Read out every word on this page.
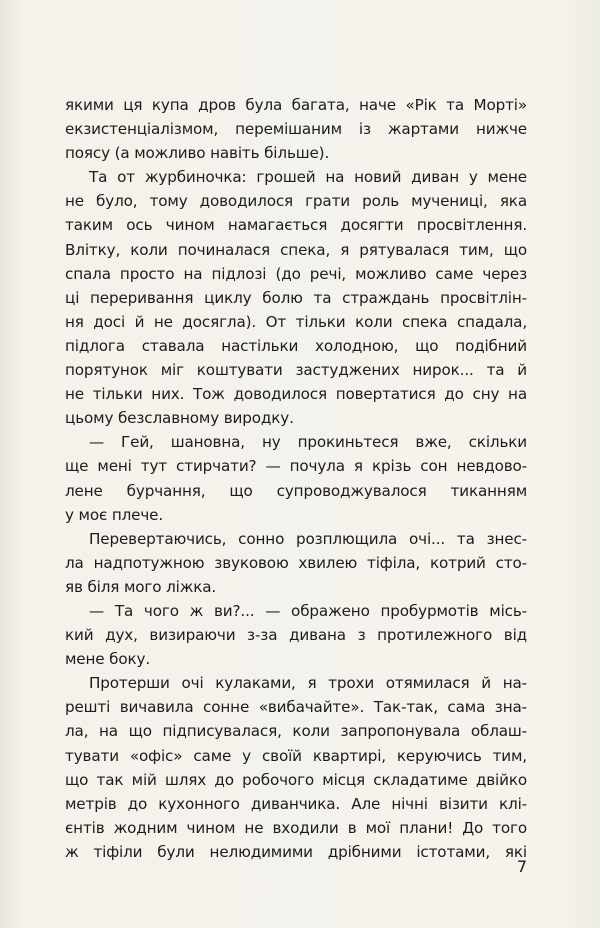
якими ця купа дров була багата, наче «Рік та Морті»
екзистенціалізмом, перемішаним із жартами нижче
поясу (а можливо навіть більше).
Та от журбиночка: грошей на новий диван у мене
не було, тому доводилося грати роль мучениці, яка
таким ось чином намагається досягти просвітлення.
Влітку, коли починалася спека, я рятувалася тим, що
спала просто на підлозі (до речі, можливо саме через
ці переривання циклу болю та страждань просвітлін-
ня досі й не досягла). От тільки коли спека спадала,
підлога ставала настільки холодною, що подібний
порятунок міг коштувати застуджених нирок... та й
не тільки них. Тож доводилося повертатися до сну на
цьому безславному виродку.
— Гей, шановна, ну прокиньтеся вже, скільки
ще мені тут стирчати? — почула я крізь сон невдово-
лене бурчання, що супроводжувалося тиканням
у моє плече.
Перевертаючись, сонно розплющила очі... та знес-
ла надпотужною звуковою хвилею тіфіла, котрий сто-
яв біля мого ліжка.
— Та чого ж ви?... — ображено пробурмотів місь-
кий дух, визираючи з-за дивана з протилежного від
мене боку.
Протерши очі кулаками, я трохи отямилася й на-
решті вичавила сонне «вибачайте». Так-так, сама зна-
ла, на що підписувалася, коли запропонувала облаш-
тувати «офіс» саме у своїй квартирі, керуючись тим,
що так мій шлях до робочого місця складатиме двійко
метрів до кухонного диванчика. Але нічні візити клі-
єнтів жодним чином не входили в мої плани! До того
ж тіфіли були нелюдимими дрібними істотами, які
7
